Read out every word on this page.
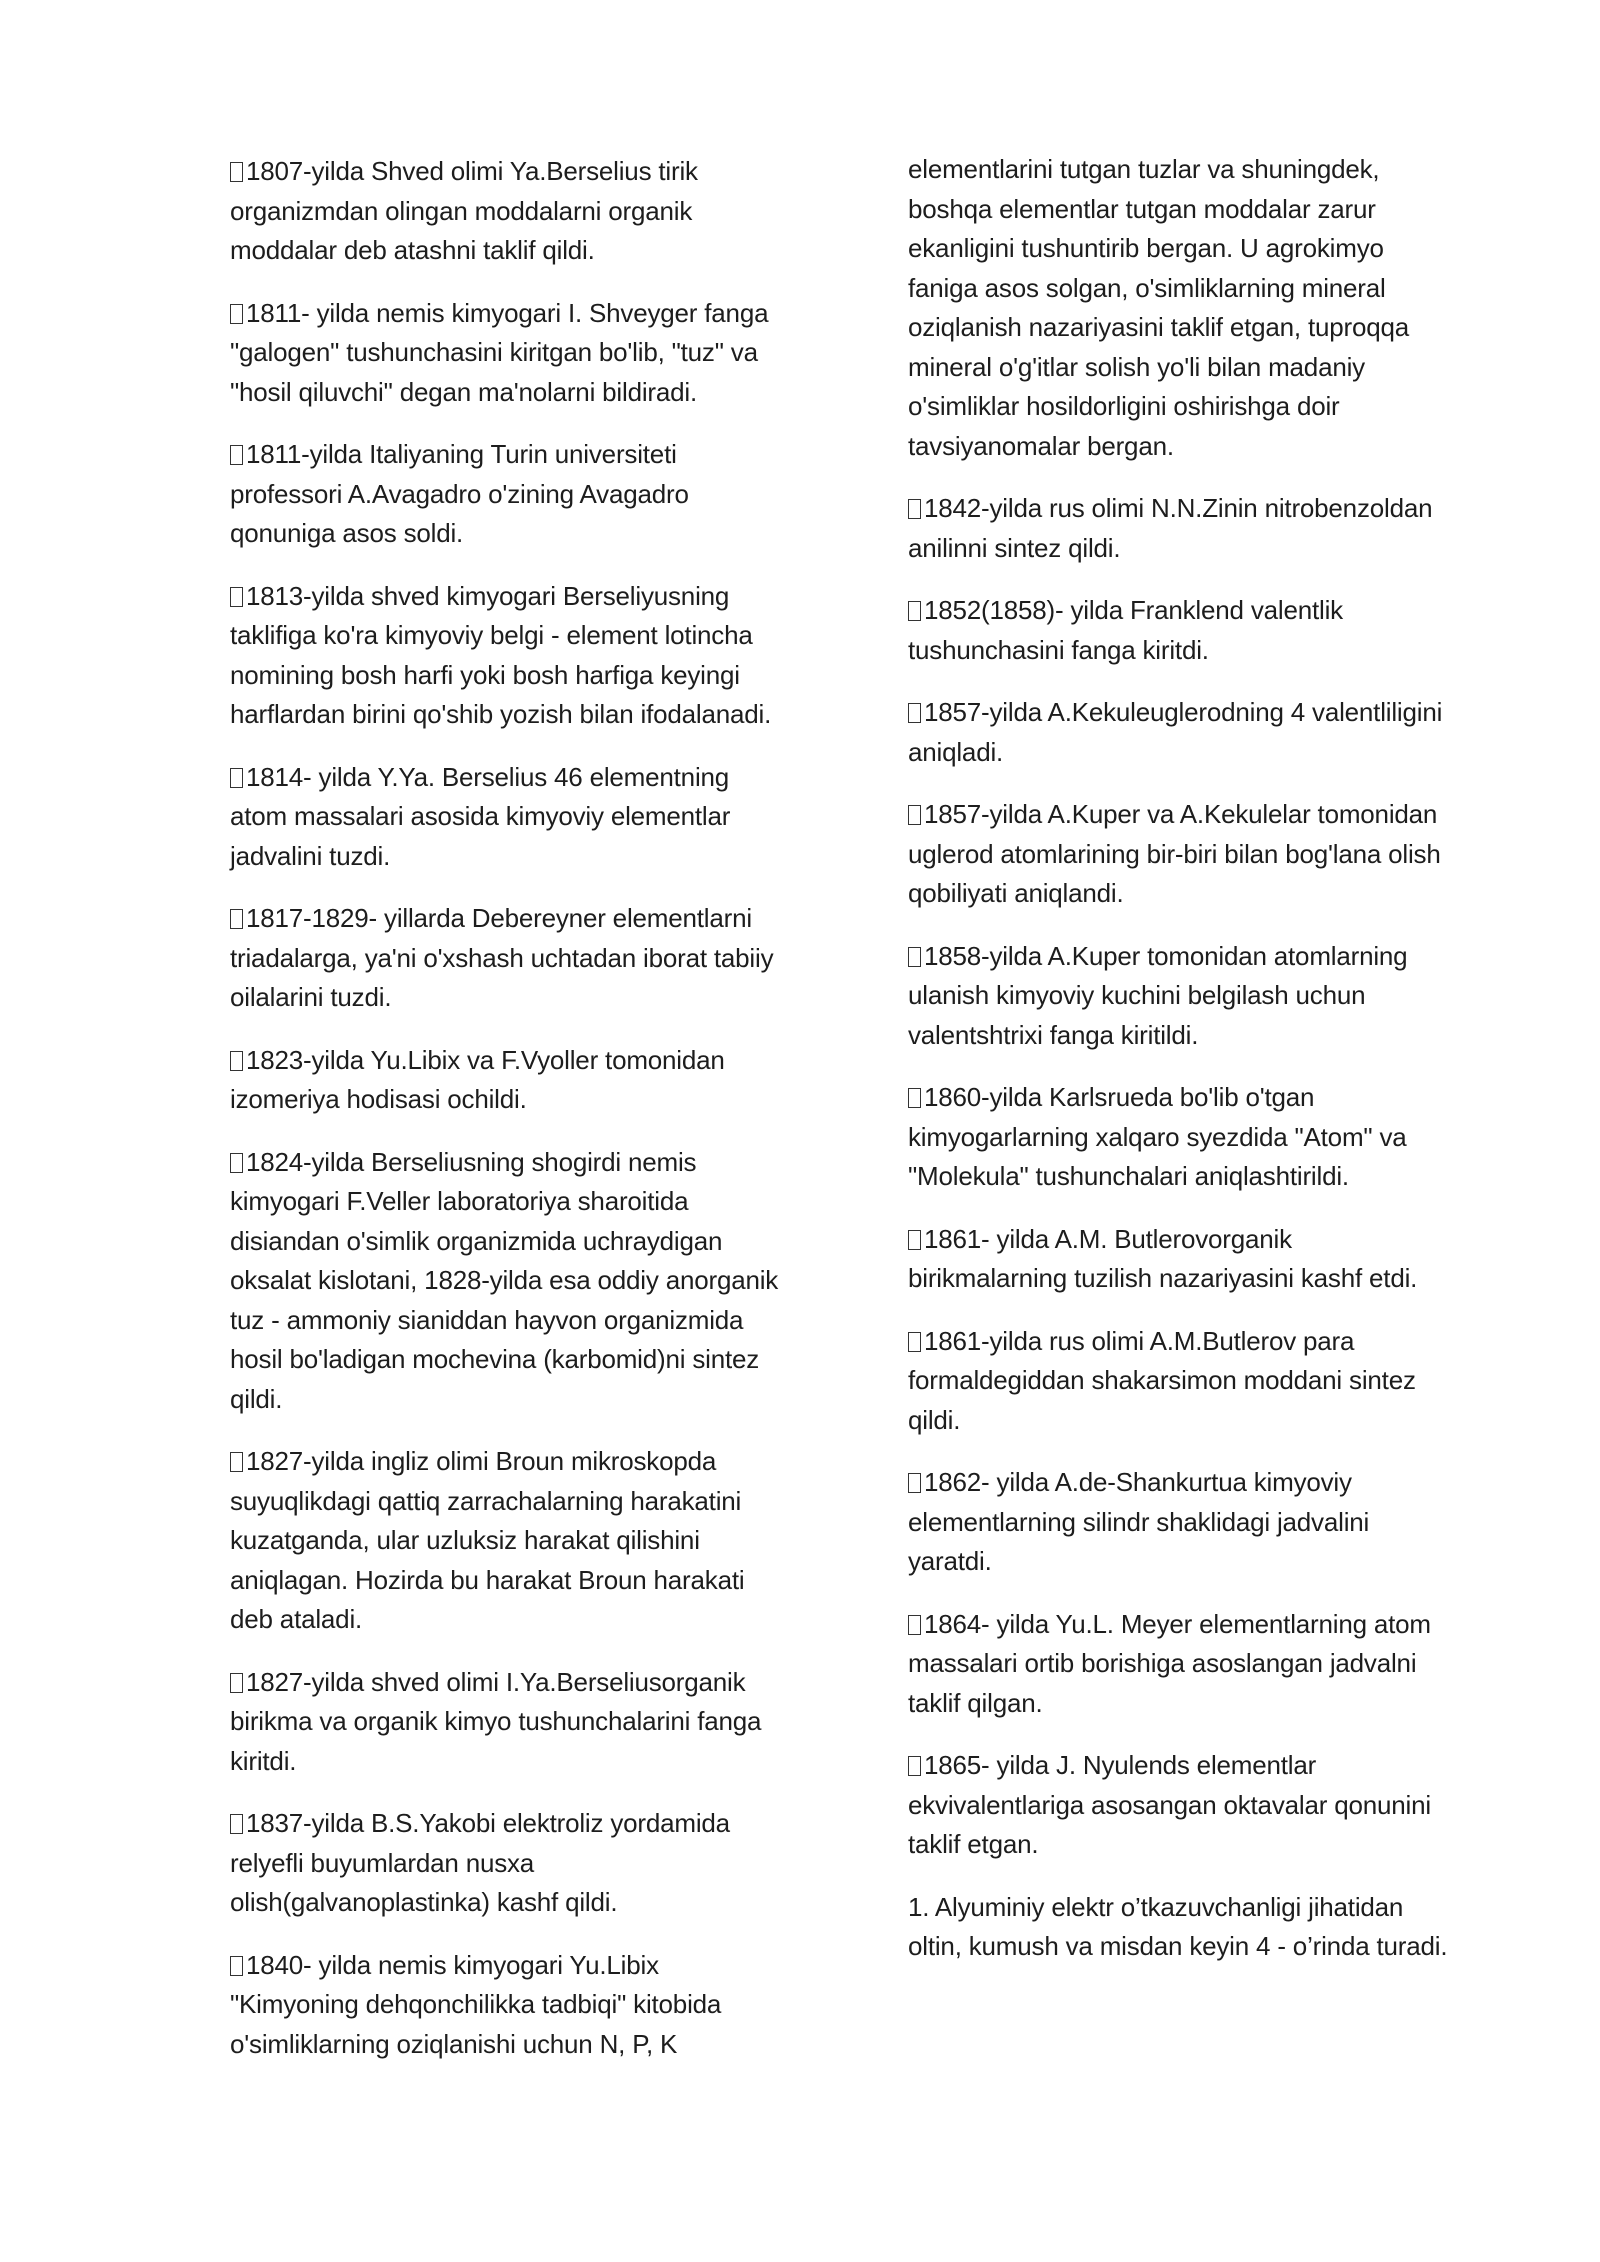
1807-yilda Shved olimi Ya.Berselius tirik
organizmdan olingan moddalarni organik
moddalar deb atashni taklif qildi.
1811- yilda nemis kimyogari I. Shveyger fanga
"galogen" tushunchasini kiritgan bo'lib, "tuz" va
"hosil qiluvchi" degan ma'nolarni bildiradi.
1811-yilda Italiyaning Turin universiteti
professori A.Avagadro o'zining Avagadro
qonuniga asos soldi.
1813-yilda shved kimyogari Berseliyusning
taklifiga ko'ra kimyoviy belgi - element lotincha
nomining bosh harfi yoki bosh harfiga keyingi
harflardan birini qo'shib yozish bilan ifodalanadi.
1814- yilda Y.Ya. Berselius 46 elementning
atom massalari asosida kimyoviy elementlar
jadvalini tuzdi.
1817-1829- yillarda Debereyner elementlarni
triadalarga, ya'ni o'xshash uchtadan iborat tabiiy
oilalarini tuzdi.
1823-yilda Yu.Libix va F.Vyoller tomonidan
izomeriya hodisasi ochildi.
1824-yilda Berseliusning shogirdi nemis
kimyogari F.Veller laboratoriya sharoitida
disiandan o'simlik organizmida uchraydigan
oksalat kislotani, 1828-yilda esa oddiy anorganik
tuz - ammoniy sianiddan hayvon organizmida
hosil bo'ladigan mochevina (karbomid)ni sintez
qildi.
1827-yilda ingliz olimi Broun mikroskopda
suyuqlikdagi qattiq zarrachalarning harakatini
kuzatganda, ular uzluksiz harakat qilishini
aniqlagan. Hozirda bu harakat Broun harakati
deb ataladi.
1827-yilda shved olimi I.Ya.Berseliusorganik
birikma va organik kimyo tushunchalarini fanga
kiritdi.
1837-yilda B.S.Yakobi elektroliz yordamida
relyefli buyumlardan nusxa
olish(galvanoplastinka) kashf qildi.
1840- yilda nemis kimyogari Yu.Libix
"Kimyoning dehqonchilikka tadbiqi" kitobida
o'simliklarning oziqlanishi uchun N, P, K
elementlarini tutgan tuzlar va shuningdek,
boshqa elementlar tutgan moddalar zarur
ekanligini tushuntirib bergan. U agrokimyo
faniga asos solgan, o'simliklarning mineral
oziqlanish nazariyasini taklif etgan, tuproqqa
mineral o'g'itlar solish yo'li bilan madaniy
o'simliklar hosildorligini oshirishga doir
tavsiyanomalar bergan.
1842-yilda rus olimi N.N.Zinin nitrobenzoldan
anilinni sintez qildi.
1852(1858)- yilda Franklend valentlik
tushunchasini fanga kiritdi.
1857-yilda A.Kekuleuglerodning 4 valentliligini
aniqladi.
1857-yilda A.Kuper va A.Kekulelar tomonidan
uglerod atomlarining bir-biri bilan bog'lana olish
qobiliyati aniqlandi.
1858-yilda A.Kuper tomonidan atomlarning
ulanish kimyoviy kuchini belgilash uchun
valentshtrixi fanga kiritildi.
1860-yilda Karlsrueda bo'lib o'tgan
kimyogarlarning xalqaro syezdida "Atom" va
"Molekula" tushunchalari aniqlashtirildi.
1861- yilda A.M. Butlerovorganik
birikmalarning tuzilish nazariyasini kashf etdi.
1861-yilda rus olimi A.M.Butlerov para
formaldegiddan shakarsimon moddani sintez
qildi.
1862- yilda A.de-Shankurtua kimyoviy
elementlarning silindr shaklidagi jadvalini
yaratdi.
1864- yilda Yu.L. Meyer elementlarning atom
massalari ortib borishiga asoslangan jadvalni
taklif qilgan.
1865- yilda J. Nyulends elementlar
ekvivalentlariga asosangan oktavalar qonunini
taklif etgan.
1. Alyuminiy elektr o’tkazuvchanligi jihatidan
oltin, kumush va misdan keyin 4 - o’rinda turadi.
